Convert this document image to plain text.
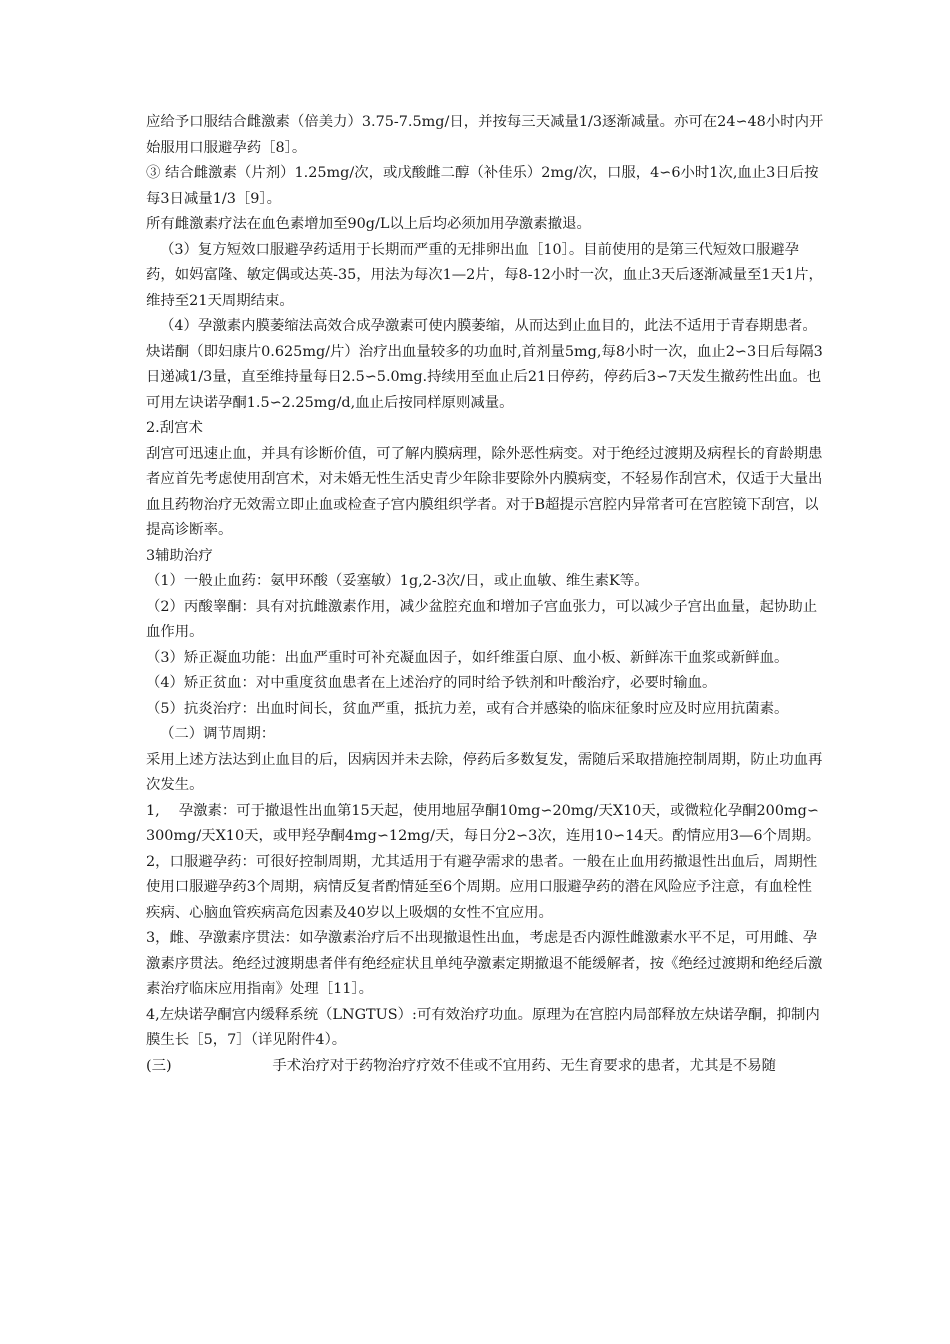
应给予口服结合雌激素（倍美力）3.75-7.5mg/日，并按每三天减量1/3逐渐减量。亦可在24∽48小时内开始服用口服避孕药［8］。

③ 结合雌激素（片剂）1.25mg/次，或戊酸雌二醇（补佳乐）2mg/次，口服，4∽6小时1次,血止3日后按每3日减量1/3［9］。

所有雌激素疗法在血色素增加至90g/L以上后均必须加用孕激素撤退。

（3）复方短效口服避孕药适用于长期而严重的无排卵出血［10］。目前使用的是第三代短效口服避孕药，如妈富隆、敏定偶或达英-35，用法为每次1—2片，每8-12小时一次，血止3天后逐渐减量至1天1片，维持至21天周期结束。

（4）孕激素内膜萎缩法高效合成孕激素可使内膜萎缩，从而达到止血目的，此法不适用于青春期患者。炔诺酮（即妇康片0.625mg/片）治疗出血量较多的功血时,首剂量5mg,每8小时一次，血止2∽3日后每隔3日递减1/3量，直至维持量每日2.5∽5.0mg.持续用至血止后21日停药，停药后3∽7天发生撤药性出血。也可用左诀诺孕酮1.5∽2.25mg/d,血止后按同样原则减量。

2.刮宫术

刮宫可迅速止血，并具有诊断价值，可了解内膜病理，除外恶性病变。对于绝经过渡期及病程长的育龄期患者应首先考虑使用刮宫术，对未婚无性生活史青少年除非要除外内膜病变，不轻易作刮宫术，仅适于大量出血且药物治疗无效需立即止血或检查子宫内膜组织学者。对于B超提示宫腔内异常者可在宫腔镜下刮宫，以提高诊断率。

3辅助治疗

（1）一般止血药：氨甲环酸（妥塞敏）1g,2-3次/日，或止血敏、维生素K等。

（2）丙酸睾酮：具有对抗雌激素作用，减少盆腔充血和增加子宫血张力，可以减少子宫出血量，起协助止血作用。

（3）矫正凝血功能：出血严重时可补充凝血因子，如纤维蛋白原、血小板、新鲜冻干血浆或新鲜血。

（4）矫正贫血：对中重度贫血患者在上述治疗的同时给予铁剂和叶酸治疗，必要时输血。

（5）抗炎治疗：出血时间长，贫血严重，抵抗力差，或有合并感染的临床征象时应及时应用抗菌素。

（二）调节周期：

采用上述方法达到止血目的后，因病因并未去除，停药后多数复发，需随后采取措施控制周期，防止功血再次发生。

1,　 孕激素：可于撤退性出血第15天起，使用地屈孕酮10mg∽20mg/天X10天，或微粒化孕酮200mg∽300mg/天X10天，或甲羟孕酮4mg∽12mg/天，每日分2∽3次，连用10∽14天。酌情应用3—6个周期。

2，口服避孕药：可很好控制周期，尤其适用于有避孕需求的患者。一般在止血用药撤退性出血后，周期性使用口服避孕药3个周期，病情反复者酌情延至6个周期。应用口服避孕药的潜在风险应予注意，有血栓性疾病、心脑血管疾病高危因素及40岁以上吸烟的女性不宜应用。

3，雌、孕激素序贯法：如孕激素治疗后不出现撤退性出血，考虑是否内源性雌激素水平不足，可用雌、孕激素序贯法。绝经过渡期患者伴有绝经症状且单纯孕激素定期撤退不能缓解者，按《绝经过渡期和绝经后激素治疗临床应用指南》处理［11］。

4,左炔诺孕酮宫内缓释系统（LNGTUS）:可有效治疗功血。原理为在宫腔内局部释放左炔诺孕酮，抑制内膜生长［5，7］（详见附件4）。

(三)　　　　　　　手术治疗对于药物治疗疗效不佳或不宜用药、无生育要求的患者，尤其是不易随
